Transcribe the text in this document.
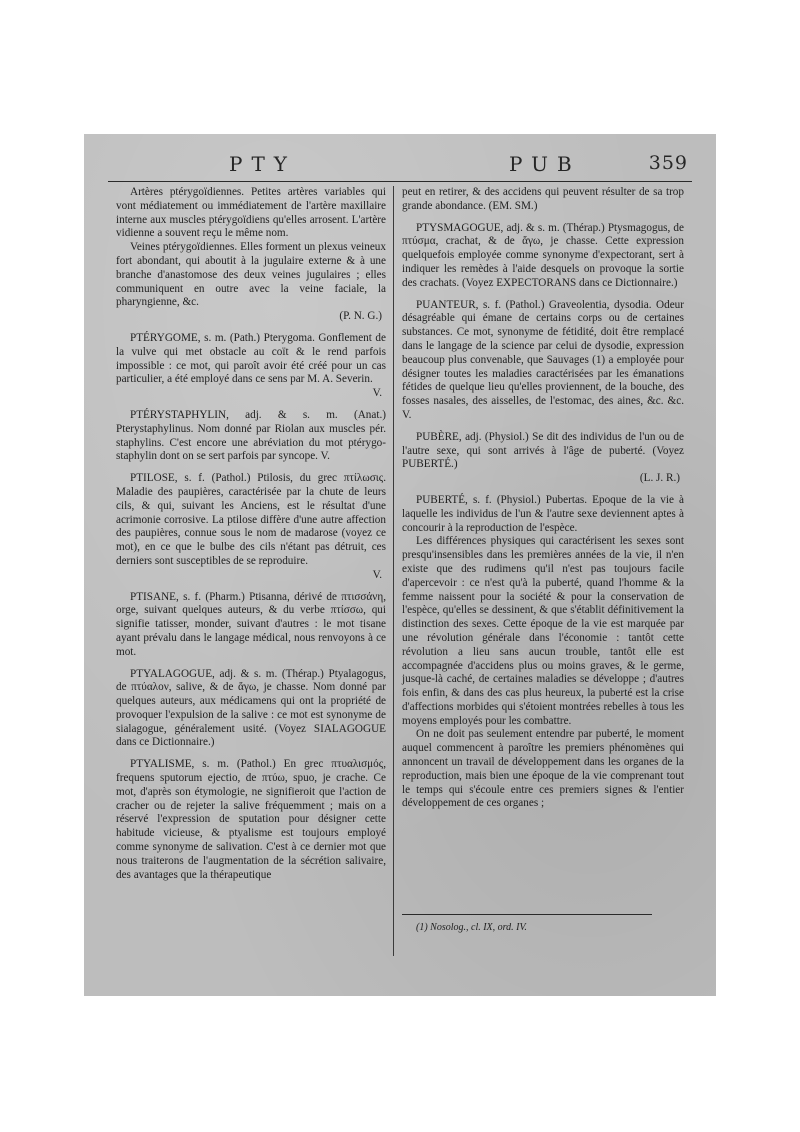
PTY	PUB	359

Artères ptérygoïdiennes. Petites artères variables qui vont médiatement ou immédiatement de l'artère maxillaire interne aux muscles ptérygoïdiens qu'elles arrosent. L'artère vidienne a souvent reçu le même nom.

Veines ptérygoïdiennes. Elles forment un plexus veineux fort abondant, qui aboutit à la jugulaire externe & à une branche d'anastomose des deux veines jugulaires ; elles communiquent en outre avec la veine faciale, la pharyngienne, &c.

(P. N. G.)

PTÉRYGOME, s. m. (Path.) Pterygoma. Gonflement de la vulve qui met obstacle au coït & le rend parfois impossible : ce mot, qui paroît avoir été créé pour un cas particulier, a été employé dans ce sens par M. A. Severin.

V.

PTÉRYSTAPHYLIN, adj. & s. m. (Anat.) Pterystaphylinus. Nom donné par Riolan aux muscles pér. staphylins. C'est encore une abréviation du mot ptérygo-staphylin dont on se sert parfois par syncope. V.

PTILOSE, s. f. (Pathol.) Ptilosis, du grec πτίλωσις. Maladie des paupières, caractérisée par la chute de leurs cils, & qui, suivant les Anciens, est le résultat d'une acrimonie corrosive. La ptilose diffère d'une autre affection des paupières, connue sous le nom de madarose (voyez ce mot), en ce que le bulbe des cils n'étant pas détruit, ces derniers sont susceptibles de se reproduire.

V.

PTISANE, s. f. (Pharm.) Ptisanna, dérivé de πτισσάνη, orge, suivant quelques auteurs, & du verbe πτίσσω, qui signifie tatisser, monder, suivant d'autres : le mot tisane ayant prévalu dans le langage médical, nous renvoyons à ce mot.

PTYALAGOGUE, adj. & s. m. (Thérap.) Ptyalagogus, de πτύαλον, salive, & de ἄγω, je chasse. Nom donné par quelques auteurs, aux médicamens qui ont la propriété de provoquer l'expulsion de la salive : ce mot est synonyme de sialagogue, généralement usité. (Voyez SIALAGOGUE dans ce Dictionnaire.)

PTYALISME, s. m. (Pathol.) En grec πτυαλισμός, frequens sputorum ejectio, de πτύω, spuo, je crache. Ce mot, d'après son étymologie, ne signifieroit que l'action de cracher ou de rejeter la salive fréquemment ; mais on a réservé l'expression de sputation pour désigner cette habitude vicieuse, & ptyalisme est toujours employé comme synonyme de salivation. C'est à ce dernier mot que nous traiterons de l'augmentation de la sécrétion salivaire, des avantages que la thérapeutique

peut en retirer, & des accidens qui peuvent résulter de sa trop grande abondance. (EM. SM.)

PTYSMAGOGUE, adj. & s. m. (Thérap.) Ptysmagogus, de πτύσμα, crachat, & de ἄγω, je chasse. Cette expression quelquefois employée comme synonyme d'expectorant, sert à indiquer les remèdes à l'aide desquels on provoque la sortie des crachats. (Voyez EXPECTORANS dans ce Dictionnaire.)

PUANTEUR, s. f. (Pathol.) Graveolentia, dysodia. Odeur désagréable qui émane de certains corps ou de certaines substances. Ce mot, synonyme de fétidité, doit être remplacé dans le langage de la science par celui de dysodie, expression beaucoup plus convenable, que Sauvages (1) a employée pour désigner toutes les maladies caractérisées par les émanations fétides de quelque lieu qu'elles proviennent, de la bouche, des fosses nasales, des aisselles, de l'estomac, des aines, &c. &c. V.

PUBÈRE, adj. (Physiol.) Se dit des individus de l'un ou de l'autre sexe, qui sont arrivés à l'âge de puberté. (Voyez PUBERTÉ.)

(L. J. R.)

PUBERTÉ, s. f. (Physiol.) Pubertas. Epoque de la vie à laquelle les individus de l'un & l'autre sexe deviennent aptes à concourir à la reproduction de l'espèce.

Les différences physiques qui caractérisent les sexes sont presqu'insensibles dans les premières années de la vie, il n'en existe que des rudimens qu'il n'est pas toujours facile d'apercevoir : ce n'est qu'à la puberté, quand l'homme & la femme naissent pour la société & pour la conservation de l'espèce, qu'elles se dessinent, & que s'établit définitivement la distinction des sexes. Cette époque de la vie est marquée par une révolution générale dans l'économie : tantôt cette révolution a lieu sans aucun trouble, tantôt elle est accompagnée d'accidens plus ou moins graves, & le germe, jusque-là caché, de certaines maladies se développe ; d'autres fois enfin, & dans des cas plus heureux, la puberté est la crise d'affections morbides qui s'étoient montrées rebelles à tous les moyens employés pour les combattre.

On ne doit pas seulement entendre par puberté, le moment auquel commencent à paroître les premiers phénomènes qui annoncent un travail de développement dans les organes de la reproduction, mais bien une époque de la vie comprenant tout le temps qui s'écoule entre ces premiers signes & l'entier développement de ces organes ;

(1) Nosolog., cl. IX, ord. IV.
